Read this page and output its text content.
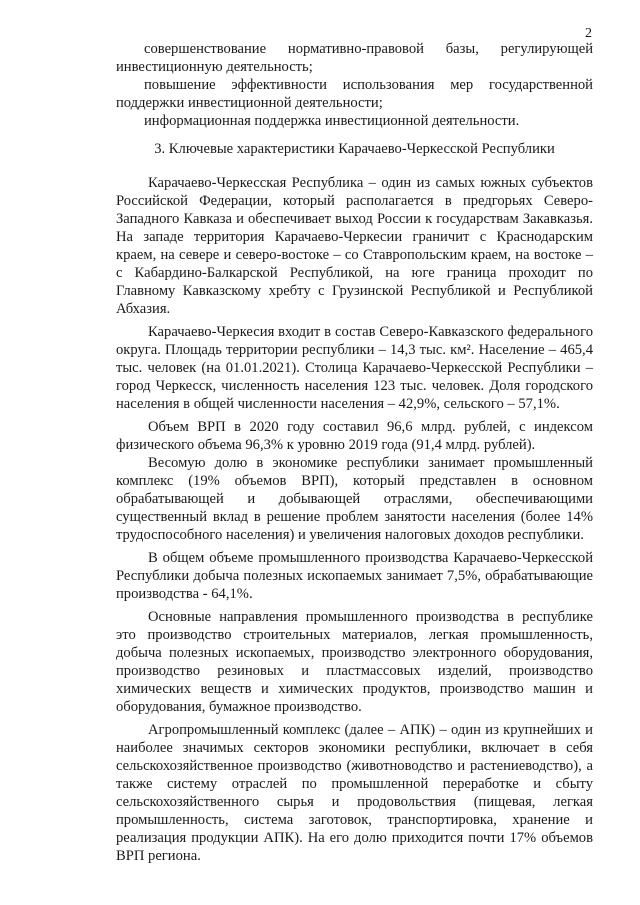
2

совершенствование нормативно-правовой базы, регулирующей инвестиционную деятельность;

повышение эффективности использования мер государственной поддержки инвестиционной деятельности;

информационная поддержка инвестиционной деятельности.

3. Ключевые характеристики Карачаево-Черкесской Республики

Карачаево-Черкесская Республика – один из самых южных субъектов Российской Федерации, который располагается в предгорьях Северо-Западного Кавказа и обеспечивает выход России к государствам Закавказья. На западе территория Карачаево-Черкесии граничит с Краснодарским краем, на севере и северо-востоке – со Ставропольским краем, на востоке – с Кабардино-Балкарской Республикой, на юге граница проходит по Главному Кавказскому хребту с Грузинской Республикой и Республикой Абхазия.

Карачаево-Черкесия входит в состав Северо-Кавказского федерального округа. Площадь территории республики – 14,3 тыс. км². Население – 465,4 тыс. человек (на 01.01.2021). Столица Карачаево-Черкесской Республики – город Черкесск, численность населения 123 тыс. человек. Доля городского населения в общей численности населения – 42,9%, сельского – 57,1%.

Объем ВРП в 2020 году составил 96,6 млрд. рублей, с индексом физического объема 96,3% к уровню 2019 года (91,4 млрд. рублей).

Весомую долю в экономике республики занимает промышленный комплекс (19% объемов ВРП), который представлен в основном обрабатывающей и добывающей отраслями, обеспечивающими существенный вклад в решение проблем занятости населения (более 14% трудоспособного населения) и увеличения налоговых доходов республики.

В общем объеме промышленного производства Карачаево-Черкесской Республики добыча полезных ископаемых занимает 7,5%, обрабатывающие производства - 64,1%.

Основные направления промышленного производства в республике это производство строительных материалов, легкая промышленность, добыча полезных ископаемых, производство электронного оборудования, производство резиновых и пластмассовых изделий, производство химических веществ и химических продуктов, производство машин и оборудования, бумажное производство.

Агропромышленный комплекс (далее – АПК) – один из крупнейших и наиболее значимых секторов экономики республики, включает в себя сельскохозяйственное производство (животноводство и растениеводство), а также систему отраслей по промышленной переработке и сбыту сельскохозяйственного сырья и продовольствия (пищевая, легкая промышленность, система заготовок, транспортировка, хранение и реализация продукции АПК). На его долю приходится почти 17% объемов ВРП региона.
